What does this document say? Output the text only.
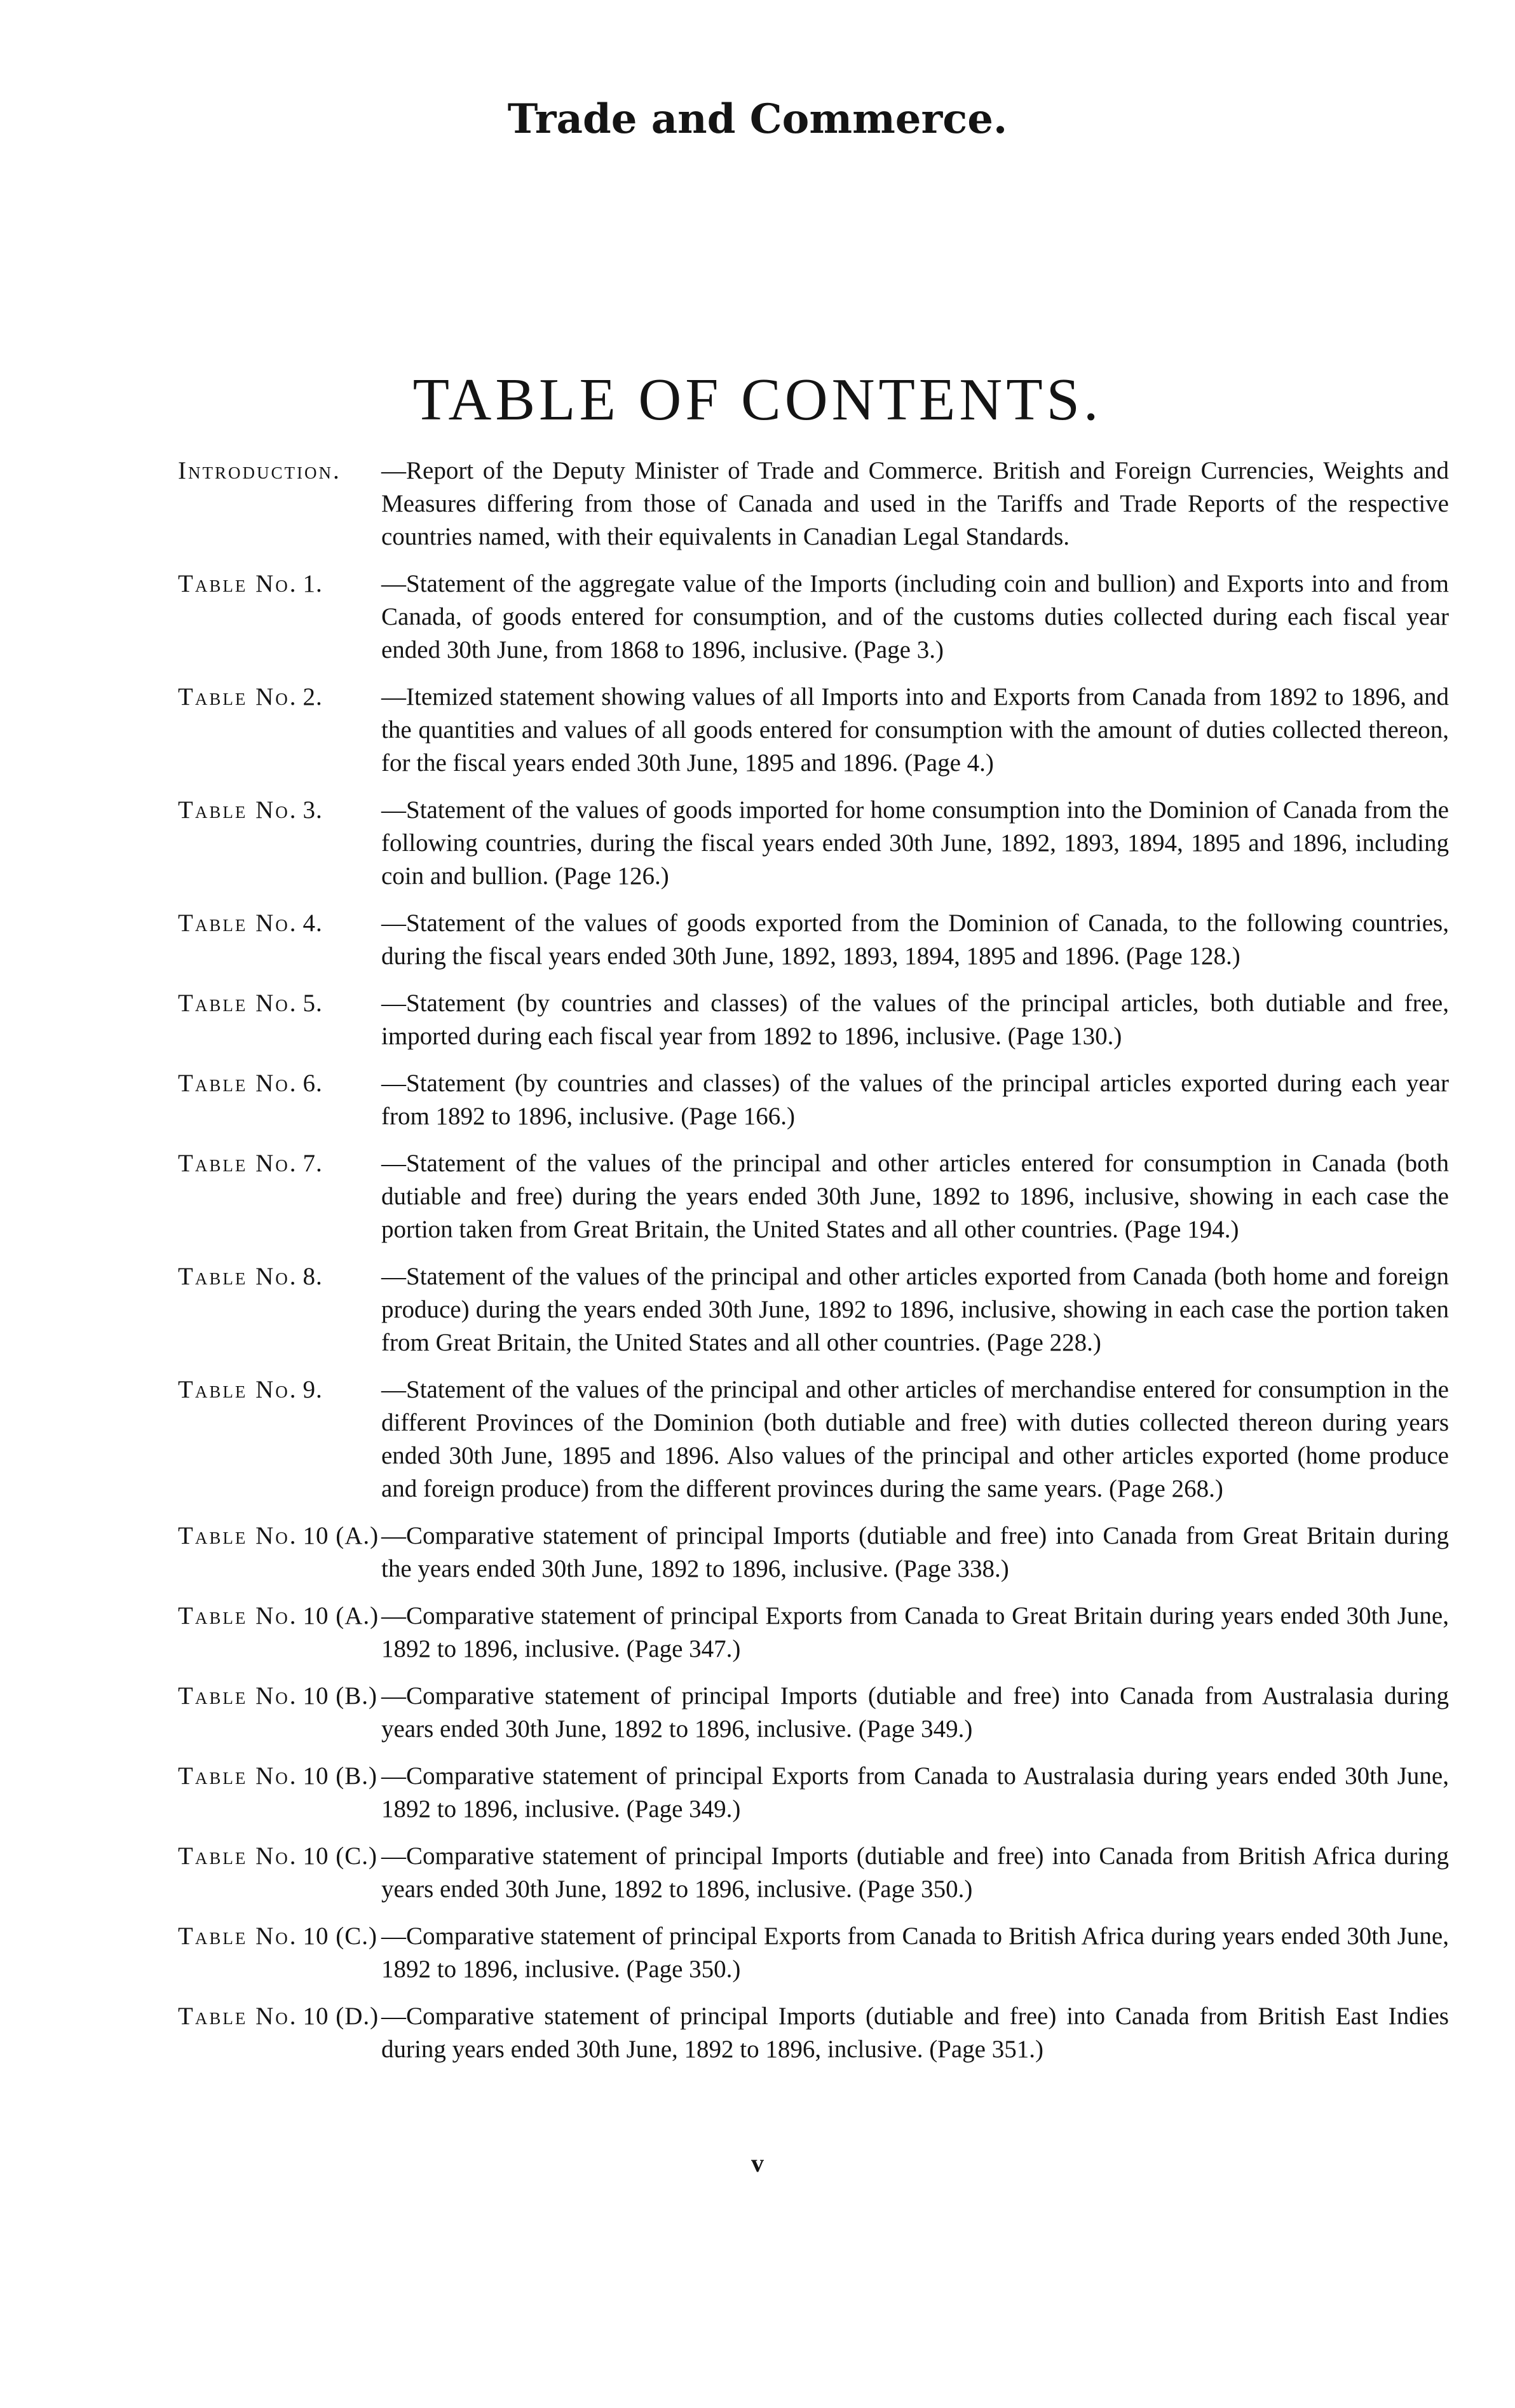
Trade and Commerce.
TABLE OF CONTENTS.
Introduction.	—Report of the Deputy Minister of Trade and Commerce. British and Foreign Currencies, Weights and Measures differing from those of Canada and used in the Tariffs and Trade Reports of the respective countries named, with their equivalents in Canadian Legal Standards.
Table No. 1.	—Statement of the aggregate value of the Imports (including coin and bullion) and Exports into and from Canada, of goods entered for consumption, and of the customs duties collected during each fiscal year ended 30th June, from 1868 to 1896, inclusive. (Page 3.)
Table No. 2.	—Itemized statement showing values of all Imports into and Exports from Canada from 1892 to 1896, and the quantities and values of all goods entered for consumption with the amount of duties collected thereon, for the fiscal years ended 30th June, 1895 and 1896. (Page 4.)
Table No. 3.	—Statement of the values of goods imported for home consumption into the Dominion of Canada from the following countries, during the fiscal years ended 30th June, 1892, 1893, 1894, 1895 and 1896, including coin and bullion. (Page 126.)
Table No. 4.	—Statement of the values of goods exported from the Dominion of Canada, to the following countries, during the fiscal years ended 30th June, 1892, 1893, 1894, 1895 and 1896. (Page 128.)
Table No. 5.	—Statement (by countries and classes) of the values of the principal articles, both dutiable and free, imported during each fiscal year from 1892 to 1896, inclusive. (Page 130.)
Table No. 6.	—Statement (by countries and classes) of the values of the principal articles exported during each year from 1892 to 1896, inclusive. (Page 166.)
Table No. 7.	—Statement of the values of the principal and other articles entered for consumption in Canada (both dutiable and free) during the years ended 30th June, 1892 to 1896, inclusive, showing in each case the portion taken from Great Britain, the United States and all other countries. (Page 194.)
Table No. 8.	—Statement of the values of the principal and other articles exported from Canada (both home and foreign produce) during the years ended 30th June, 1892 to 1896, inclusive, showing in each case the portion taken from Great Britain, the United States and all other countries. (Page 228.)
Table No. 9.	—Statement of the values of the principal and other articles of merchandise entered for consumption in the different Provinces of the Dominion (both dutiable and free) with duties collected thereon during years ended 30th June, 1895 and 1896. Also values of the principal and other articles exported (home produce and foreign produce) from the different provinces during the same years. (Page 268.)
Table No. 10 (A.) —Comparative statement of principal Imports (dutiable and free) into Canada from Great Britain during the years ended 30th June, 1892 to 1896, inclusive. (Page 338.)
Table No. 10 (A.) —Comparative statement of principal Exports from Canada to Great Britain during years ended 30th June, 1892 to 1896, inclusive. (Page 347.)
Table No. 10 (B.) —Comparative statement of principal Imports (dutiable and free) into Canada from Australasia during years ended 30th June, 1892 to 1896, inclusive. (Page 349.)
Table No. 10 (B.) —Comparative statement of principal Exports from Canada to Australasia during years ended 30th June, 1892 to 1896, inclusive. (Page 349.)
Table No. 10 (C.) —Comparative statement of principal Imports (dutiable and free) into Canada from British Africa during years ended 30th June, 1892 to 1896, inclusive. (Page 350.)
Table No. 10 (C.) —Comparative statement of principal Exports from Canada to British Africa during years ended 30th June, 1892 to 1896, inclusive. (Page 350.)
Table No. 10 (D.) —Comparative statement of principal Imports (dutiable and free) into Canada from British East Indies during years ended 30th June, 1892 to 1896, inclusive. (Page 351.)
v
